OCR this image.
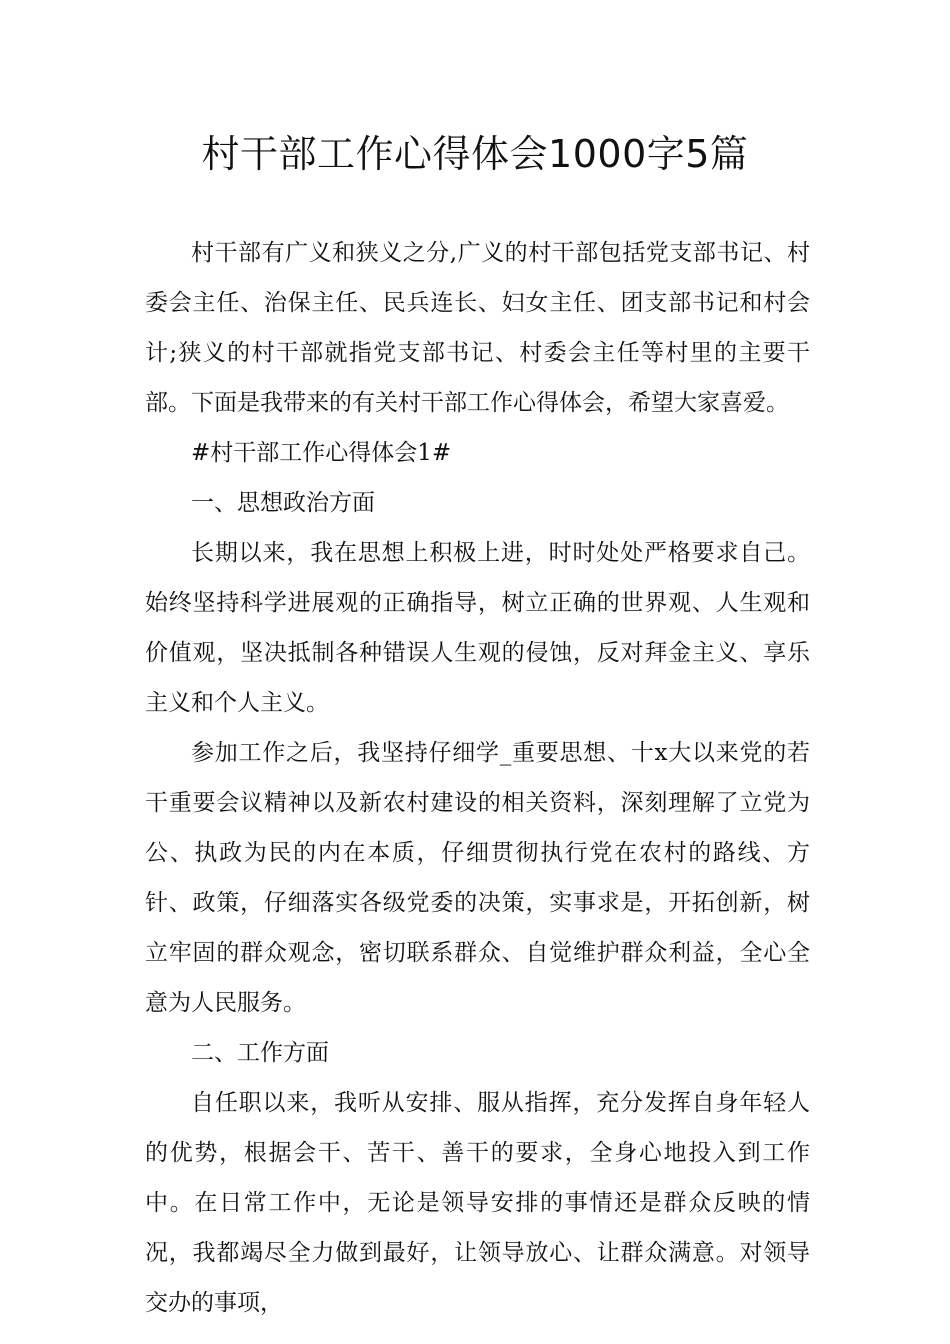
村干部工作心得体会1000字5篇

村干部有广义和狭义之分,广义的村干部包括党支部书记、村委会主任、治保主任、民兵连长、妇女主任、团支部书记和村会计;狭义的村干部就指党支部书记、村委会主任等村里的主要干部。下面是我带来的有关村干部工作心得体会，希望大家喜爱。

#村干部工作心得体会1#

一、思想政治方面

长期以来，我在思想上积极上进，时时处处严格要求自己。始终坚持科学进展观的正确指导，树立正确的世界观、人生观和价值观，坚决抵制各种错误人生观的侵蚀，反对拜金主义、享乐主义和个人主义。

参加工作之后，我坚持仔细学_重要思想、十x大以来党的若干重要会议精神以及新农村建设的相关资料，深刻理解了立党为公、执政为民的内在本质，仔细贯彻执行党在农村的路线、方针、政策，仔细落实各级党委的决策，实事求是，开拓创新，树立牢固的群众观念，密切联系群众、自觉维护群众利益，全心全意为人民服务。

二、工作方面

自任职以来，我听从安排、服从指挥，充分发挥自身年轻人的优势，根据会干、苦干、善干的要求，全身心地投入到工作中。在日常工作中，无论是领导安排的事情还是群众反映的情况，我都竭尽全力做到最好，让领导放心、让群众满意。对领导交办的事项，
